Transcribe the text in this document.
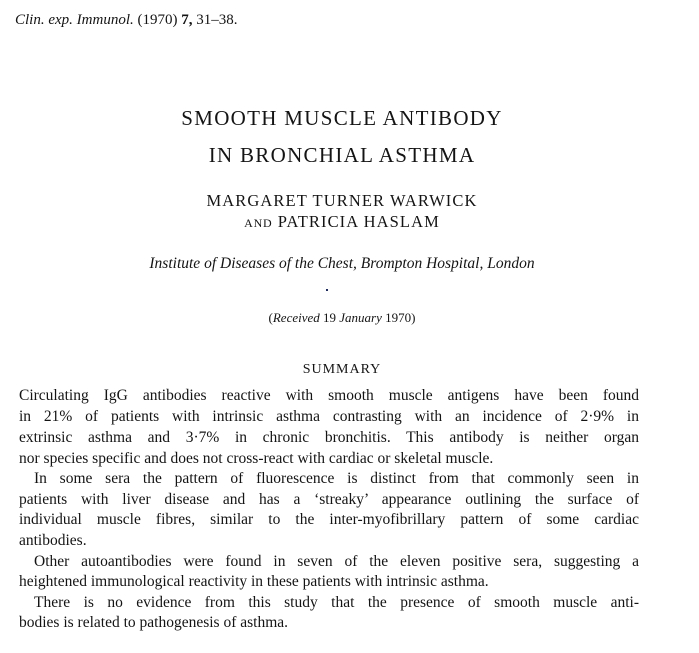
Clin. exp. Immunol. (1970) 7, 31–38.
SMOOTH MUSCLE ANTIBODY
IN BRONCHIAL ASTHMA
MARGARET TURNER WARWICK
AND PATRICIA HASLAM
Institute of Diseases of the Chest, Brompton Hospital, London
(Received 19 January 1970)
SUMMARY
Circulating IgG antibodies reactive with smooth muscle antigens have been found
in 21% of patients with intrinsic asthma contrasting with an incidence of 2·9% in
extrinsic asthma and 3·7% in chronic bronchitis. This antibody is neither organ
nor species specific and does not cross-react with cardiac or skeletal muscle.
In some sera the pattern of fluorescence is distinct from that commonly seen in
patients with liver disease and has a ‘streaky’ appearance outlining the surface of
individual muscle fibres, similar to the inter-myofibrillary pattern of some cardiac
antibodies.
Other autoantibodies were found in seven of the eleven positive sera, suggesting a
heightened immunological reactivity in these patients with intrinsic asthma.
There is no evidence from this study that the presence of smooth muscle anti-
bodies is related to pathogenesis of asthma.
